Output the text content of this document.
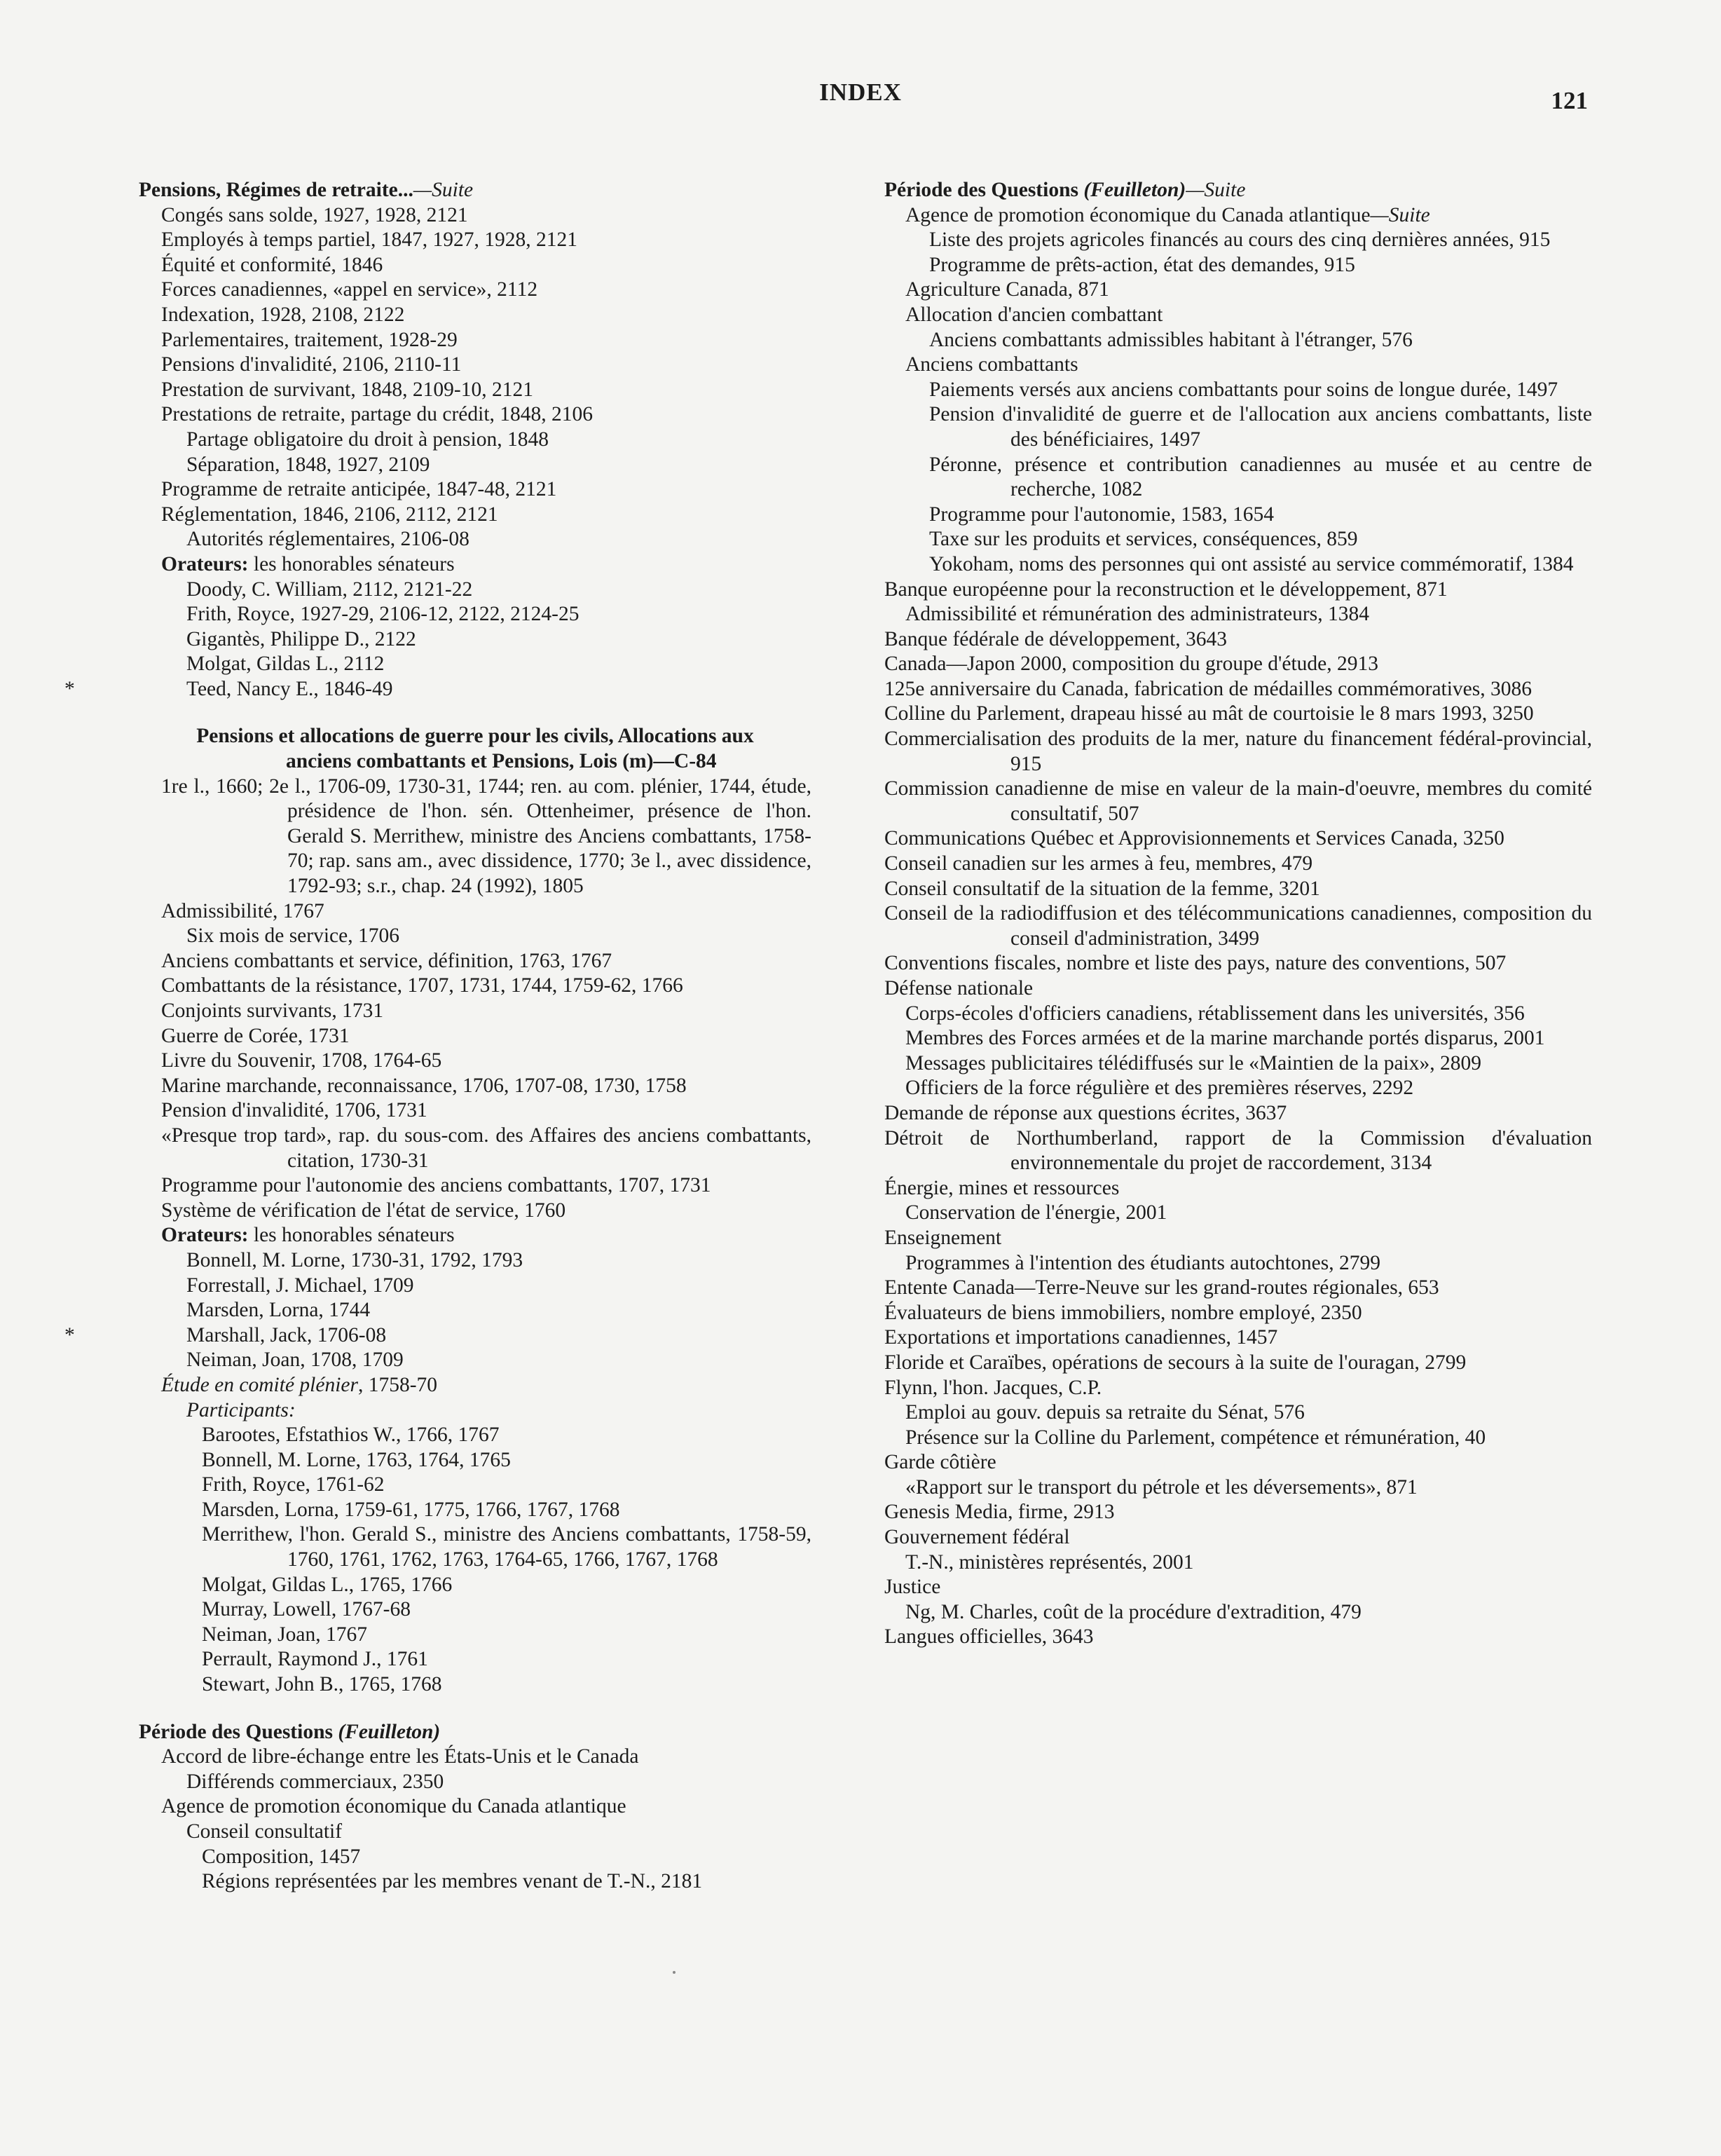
INDEX	121
Pensions, Régimes de retraite...—Suite
Congés sans solde, 1927, 1928, 2121
Employés à temps partiel, 1847, 1927, 1928, 2121
Équité et conformité, 1846
Forces canadiennes, «appel en service», 2112
Indexation, 1928, 2108, 2122
Parlementaires, traitement, 1928-29
Pensions d'invalidité, 2106, 2110-11
Prestation de survivant, 1848, 2109-10, 2121
Prestations de retraite, partage du crédit, 1848, 2106
Partage obligatoire du droit à pension, 1848
Séparation, 1848, 1927, 2109
Programme de retraite anticipée, 1847-48, 2121
Réglementation, 1846, 2106, 2112, 2121
Autorités réglementaires, 2106-08
Orateurs: les honorables sénateurs
Doody, C. William, 2112, 2121-22
Frith, Royce, 1927-29, 2106-12, 2122, 2124-25
Gigantès, Philippe D., 2122
Molgat, Gildas L., 2112
*	Teed, Nancy E., 1846-49
Pensions et allocations de guerre pour les civils, Allocations aux
anciens combattants et Pensions, Lois (m)—C-84
1re l., 1660; 2e l., 1706-09, 1730-31, 1744; ren. au com. plénier, 1744, étude, présidence de l'hon. sén. Ottenheimer, présence de l'hon. Gerald S. Merrithew, ministre des Anciens combattants, 1758-70; rap. sans am., avec dissidence, 1770; 3e l., avec dissidence, 1792-93; s.r., chap. 24 (1992), 1805
Admissibilité, 1767
Six mois de service, 1706
Anciens combattants et service, définition, 1763, 1767
Combattants de la résistance, 1707, 1731, 1744, 1759-62, 1766
Conjoints survivants, 1731
Guerre de Corée, 1731
Livre du Souvenir, 1708, 1764-65
Marine marchande, reconnaissance, 1706, 1707-08, 1730, 1758
Pension d'invalidité, 1706, 1731
«Presque trop tard», rap. du sous-com. des Affaires des anciens combattants, citation, 1730-31
Programme pour l'autonomie des anciens combattants, 1707, 1731
Système de vérification de l'état de service, 1760
Orateurs: les honorables sénateurs
Bonnell, M. Lorne, 1730-31, 1792, 1793
Forrestall, J. Michael, 1709
Marsden, Lorna, 1744
*	Marshall, Jack, 1706-08
Neiman, Joan, 1708, 1709
Étude en comité plénier, 1758-70
Participants:
Barootes, Efstathios W., 1766, 1767
Bonnell, M. Lorne, 1763, 1764, 1765
Frith, Royce, 1761-62
Marsden, Lorna, 1759-61, 1775, 1766, 1767, 1768
Merrithew, l'hon. Gerald S., ministre des Anciens combattants, 1758-59, 1760, 1761, 1762, 1763, 1764-65, 1766, 1767, 1768
Molgat, Gildas L., 1765, 1766
Murray, Lowell, 1767-68
Neiman, Joan, 1767
Perrault, Raymond J., 1761
Stewart, John B., 1765, 1768
Période des Questions (Feuilleton)
Accord de libre-échange entre les États-Unis et le Canada
Différends commerciaux, 2350
Agence de promotion économique du Canada atlantique
Conseil consultatif
Composition, 1457
Régions représentées par les membres venant de T.-N., 2181
Période des Questions (Feuilleton)—Suite
Agence de promotion économique du Canada atlantique—Suite
Liste des projets agricoles financés au cours des cinq dernières années, 915
Programme de prêts-action, état des demandes, 915
Agriculture Canada, 871
Allocation d'ancien combattant
Anciens combattants admissibles habitant à l'étranger, 576
Anciens combattants
Paiements versés aux anciens combattants pour soins de longue durée, 1497
Pension d'invalidité de guerre et de l'allocation aux anciens combattants, liste des bénéficiaires, 1497
Péronne, présence et contribution canadiennes au musée et au centre de recherche, 1082
Programme pour l'autonomie, 1583, 1654
Taxe sur les produits et services, conséquences, 859
Yokoham, noms des personnes qui ont assisté au service commémoratif, 1384
Banque européenne pour la reconstruction et le développement, 871
Admissibilité et rémunération des administrateurs, 1384
Banque fédérale de développement, 3643
Canada—Japon 2000, composition du groupe d'étude, 2913
125e anniversaire du Canada, fabrication de médailles commémoratives, 3086
Colline du Parlement, drapeau hissé au mât de courtoisie le 8 mars 1993, 3250
Commercialisation des produits de la mer, nature du financement fédéral-provincial, 915
Commission canadienne de mise en valeur de la main-d'oeuvre, membres du comité consultatif, 507
Communications Québec et Approvisionnements et Services Canada, 3250
Conseil canadien sur les armes à feu, membres, 479
Conseil consultatif de la situation de la femme, 3201
Conseil de la radiodiffusion et des télécommunications canadiennes, composition du conseil d'administration, 3499
Conventions fiscales, nombre et liste des pays, nature des conventions, 507
Défense nationale
Corps-écoles d'officiers canadiens, rétablissement dans les universités, 356
Membres des Forces armées et de la marine marchande portés disparus, 2001
Messages publicitaires télédiffusés sur le «Maintien de la paix», 2809
Officiers de la force régulière et des premières réserves, 2292
Demande de réponse aux questions écrites, 3637
Détroit de Northumberland, rapport de la Commission d'évaluation environnementale du projet de raccordement, 3134
Énergie, mines et ressources
Conservation de l'énergie, 2001
Enseignement
Programmes à l'intention des étudiants autochtones, 2799
Entente Canada—Terre-Neuve sur les grand-routes régionales, 653
Évaluateurs de biens immobiliers, nombre employé, 2350
Exportations et importations canadiennes, 1457
Floride et Caraïbes, opérations de secours à la suite de l'ouragan, 2799
Flynn, l'hon. Jacques, C.P.
Emploi au gouv. depuis sa retraite du Sénat, 576
Présence sur la Colline du Parlement, compétence et rémunération, 40
Garde côtière
«Rapport sur le transport du pétrole et les déversements», 871
Genesis Media, firme, 2913
Gouvernement fédéral
T.-N., ministères représentés, 2001
Justice
Ng, M. Charles, coût de la procédure d'extradition, 479
Langues officielles, 3643
